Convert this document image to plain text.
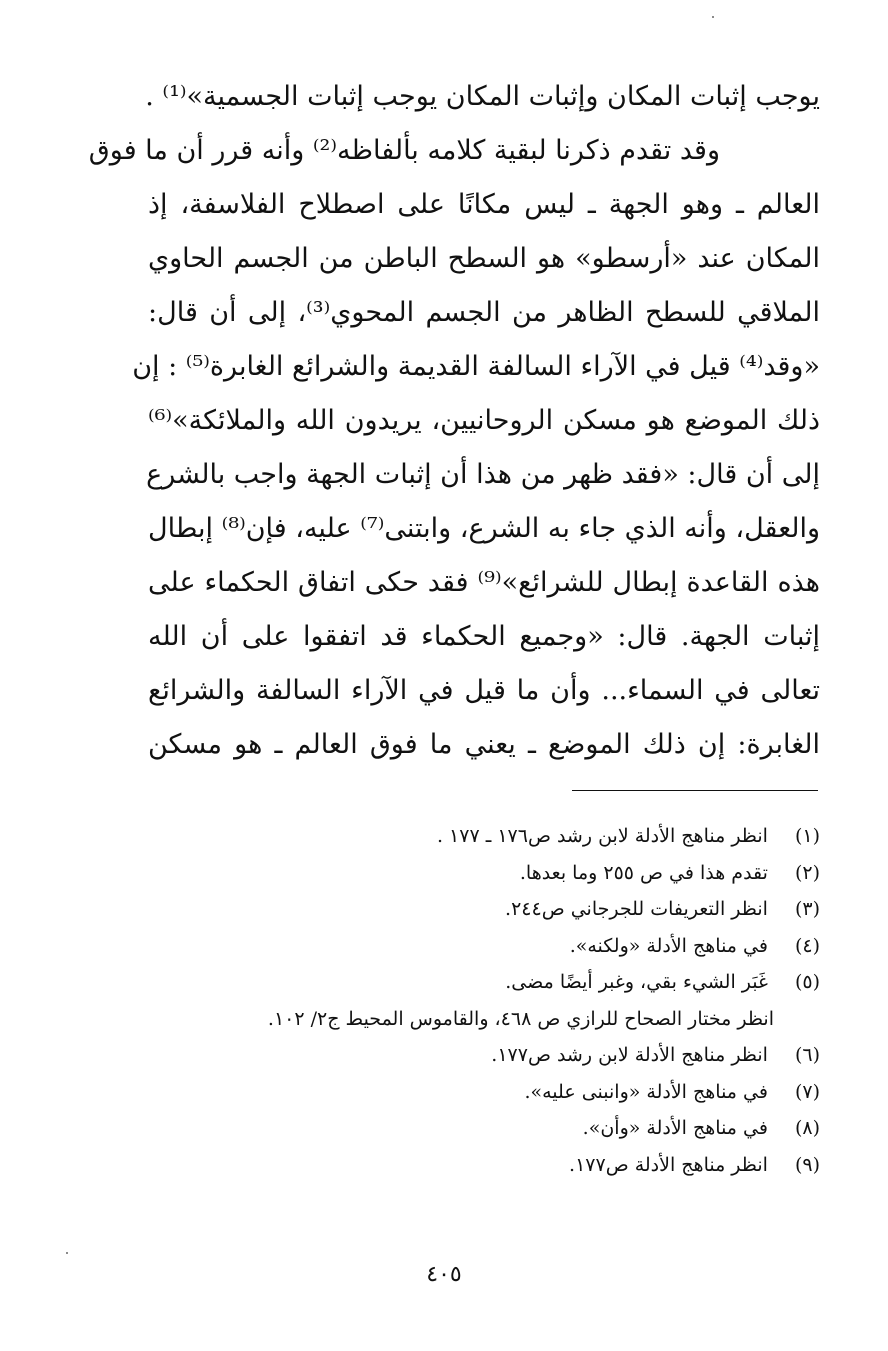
يوجب إثبات المكان وإثبات المكان يوجب إثبات الجسمية»⁽¹⁾ .
وقد تقدم ذكرنا لبقية كلامه بألفاظه⁽²⁾ وأنه قرر أن ما فوق
العالم ـ وهو الجهة ـ ليس مكانًا على اصطلاح الفلاسفة، إذ
المكان عند «أرسطو» هو السطح الباطن من الجسم الحاوي
الملاقي للسطح الظاهر من الجسم المحوي⁽³⁾، إلى أن قال:
«وقد⁽⁴⁾ قيل في الآراء السالفة القديمة والشرائع الغابرة⁽⁵⁾ : إن
ذلك الموضع هو مسكن الروحانيين، يريدون الله والملائكة»⁽⁶⁾
إلى أن قال: «فقد ظهر من هذا أن إثبات الجهة واجب بالشرع
والعقل، وأنه الذي جاء به الشرع، وابتنى⁽⁷⁾ عليه، فإن⁽⁸⁾ إبطال
هذه القاعدة إبطال للشرائع»⁽⁹⁾ فقد حكى اتفاق الحكماء على
إثبات الجهة. قال: «وجميع الحكماء قد اتفقوا على أن الله
تعالى في السماء... وأن ما قيل في الآراء السالفة والشرائع
الغابرة: إن ذلك الموضع ـ يعني ما فوق العالم ـ هو مسكن
(١) انظر مناهج الأدلة لابن رشد ص١٧٦ ـ ١٧٧ .
(٢) تقدم هذا في ص ٢٥٥ وما بعدها.
(٣) انظر التعريفات للجرجاني ص٢٤٤.
(٤) في مناهج الأدلة «ولكنه».
(٥) غَبَر الشيء بقي، وغبر أيضًا مضى.
انظر مختار الصحاح للرازي ص ٤٦٨، والقاموس المحيط ج٢/ ١٠٢.
(٦) انظر مناهج الأدلة لابن رشد ص١٧٧.
(٧) في مناهج الأدلة «وانبنى عليه».
(٨) في مناهج الأدلة «وأن».
(٩) انظر مناهج الأدلة ص١٧٧.
٤٠٥
